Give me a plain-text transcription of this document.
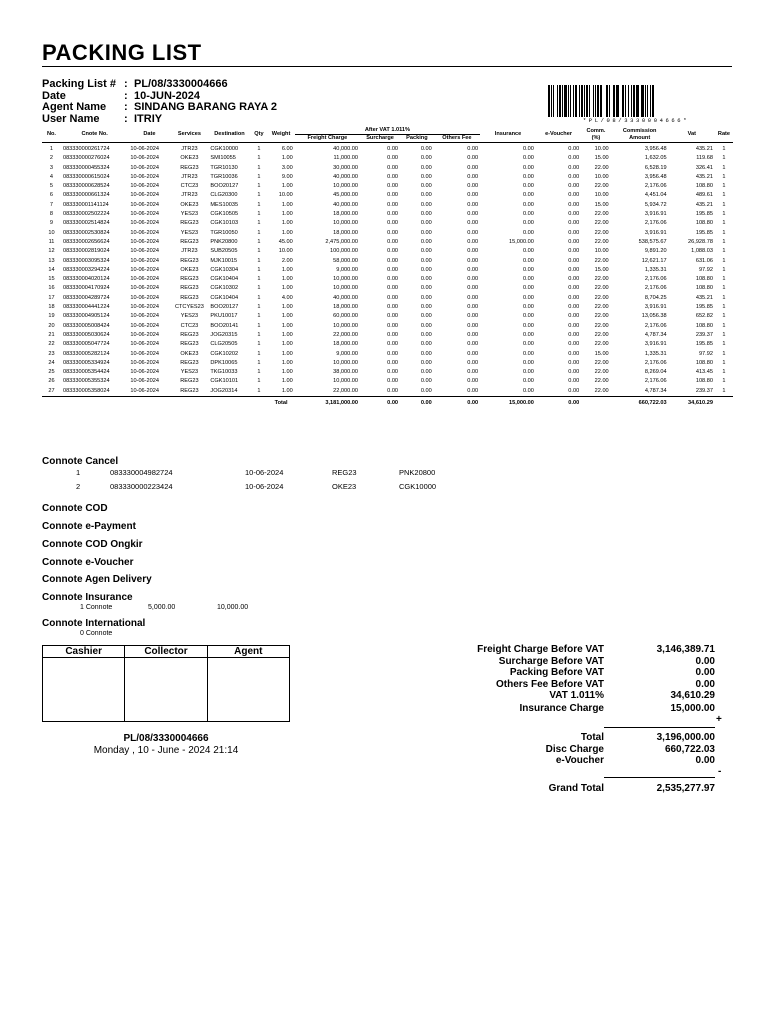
PACKING LIST
Packing List # : PL/08/3330004666
Date	: 10-JUN-2024
Agent Name	: SINDANG BARANG RAYA 2
User Name	: ITRIY	*PL/08/3330004666*
No.	Cnote No.	Date	Services	Destination	Qty	Weight	After VAT 1.011%				Insurance	e-Voucher	Comm. (%)	Commission Amount	Vat	Rate
							Freight Charge	Surcharge	Packing	Others Fee						

1	083330000261724	10-06-2024	JTR23	CGK10000	1	6.00	40,000.00	0.00	0.00	0.00	0.00	0.00	10.00	3,956.48	435.21	1
2	083330000276024	10-06-2024	OKE23	SMI10055	1	1.00	11,000.00	0.00	0.00	0.00	0.00	0.00	15.00	1,632.05	119.68	1
3	083330000455324	10-06-2024	REG23	TGR10130	1	3.00	30,000.00	0.00	0.00	0.00	0.00	0.00	22.00	6,528.19	326.41	1
4	083330000615024	10-06-2024	JTR23	TGR10036	1	9.00	40,000.00	0.00	0.00	0.00	0.00	0.00	10.00	3,956.48	435.21	1
5	083330000628524	10-06-2024	CTC23	BOO20127	1	1.00	10,000.00	0.00	0.00	0.00	0.00	0.00	22.00	2,176.06	108.80	1
6	083330000661324	10-06-2024	JTR23	CLG20300	1	10.00	45,000.00	0.00	0.00	0.00	0.00	0.00	10.00	4,451.04	489.61	1
7	083330001141124	10-06-2024	OKE23	MES10035	1	1.00	40,000.00	0.00	0.00	0.00	0.00	0.00	15.00	5,934.72	435.21	1
8	083330002502224	10-06-2024	YES23	CGK10505	1	1.00	18,000.00	0.00	0.00	0.00	0.00	0.00	22.00	3,916.91	195.85	1
9	083330002514824	10-06-2024	REG23	CGK10103	1	1.00	10,000.00	0.00	0.00	0.00	0.00	0.00	22.00	2,176.06	108.80	1
10	083330002530824	10-06-2024	YES23	TGR10050	1	1.00	18,000.00	0.00	0.00	0.00	0.00	0.00	22.00	3,916.91	195.85	1
11	083330002656624	10-06-2024	REG23	PNK20800	1	45.00	2,475,000.00	0.00	0.00	0.00	15,000.00	0.00	22.00	538,575.67	26,928.78	1
12	083330002819024	10-06-2024	JTR23	SUB20505	1	10.00	100,000.00	0.00	0.00	0.00	0.00	0.00	10.00	9,891.20	1,088.03	1
13	083330003095324	10-06-2024	REG23	MJK10015	1	2.00	58,000.00	0.00	0.00	0.00	0.00	0.00	22.00	12,621.17	631.06	1
14	083330003294224	10-06-2024	OKE23	CGK10304	1	1.00	9,000.00	0.00	0.00	0.00	0.00	0.00	15.00	1,335.31	97.92	1
15	083330004020124	10-06-2024	REG23	CGK10404	1	1.00	10,000.00	0.00	0.00	0.00	0.00	0.00	22.00	2,176.06	108.80	1
16	083330004170924	10-06-2024	REG23	CGK10302	1	1.00	10,000.00	0.00	0.00	0.00	0.00	0.00	22.00	2,176.06	108.80	1
17	083330004289724	10-06-2024	REG23	CGK10404	1	4.00	40,000.00	0.00	0.00	0.00	0.00	0.00	22.00	8,704.25	435.21	1
18	083330004441224	10-06-2024	CTCYES23	BOO20127	1	1.00	18,000.00	0.00	0.00	0.00	0.00	0.00	22.00	3,916.91	195.85	1
19	083330004905124	10-06-2024	YES23	PKU10017	1	1.00	60,000.00	0.00	0.00	0.00	0.00	0.00	22.00	13,056.38	652.82	1
20	083330005008424	10-06-2024	CTC23	BOO20141	1	1.00	10,000.00	0.00	0.00	0.00	0.00	0.00	22.00	2,176.06	108.80	1
21	083330005030624	10-06-2024	REG23	JOG20315	1	1.00	22,000.00	0.00	0.00	0.00	0.00	0.00	22.00	4,787.34	239.37	1
22	083330005047724	10-06-2024	REG23	CLG20505	1	1.00	18,000.00	0.00	0.00	0.00	0.00	0.00	22.00	3,916.91	195.85	1
23	083330005282124	10-06-2024	OKE23	CGK10202	1	1.00	9,000.00	0.00	0.00	0.00	0.00	0.00	15.00	1,335.31	97.92	1
24	083330005334924	10-06-2024	REG23	DPK10065	1	1.00	10,000.00	0.00	0.00	0.00	0.00	0.00	22.00	2,176.06	108.80	1
25	083330005354424	10-06-2024	YES23	TKG10033	1	1.00	38,000.00	0.00	0.00	0.00	0.00	0.00	22.00	8,269.04	413.45	1
26	083330005355324	10-06-2024	REG23	CGK10101	1	1.00	10,000.00	0.00	0.00	0.00	0.00	0.00	22.00	2,176.06	108.80	1
27	083330005358024	10-06-2024	REG23	JOG20314	1	1.00	22,000.00	0.00	0.00	0.00	0.00	0.00	22.00	4,787.34	239.37	1
						Total	3,181,000.00	0.00	0.00	0.00	15,000.00	0.00		660,722.03	34,610.29	
Connote Cancel
1	083330004982724	10-06-2024	REG23	PNK20800
2	083330000223424	10-06-2024	OKE23	CGK10000
Connote COD
Connote e-Payment
Connote COD Ongkir
Connote e-Voucher
Connote Agen Delivery
Connote Insurance
1 Connote	5,000.00	10,000.00
Connote International
0 Connote
Cashier	Collector	Agent

PL/08/3330004666
Monday , 10 - June - 2024 21:14
Freight Charge Before VAT	3,146,389.71
Surcharge Before VAT	0.00
Packing Before VAT	0.00
Others Fee Before VAT	0.00
VAT 1.011%	34,610.29
Insurance Charge	15,000.00
+
Total	3,196,000.00
Disc Charge	660,722.03
e-Voucher	0.00
-
Grand Total	2,535,277.97
